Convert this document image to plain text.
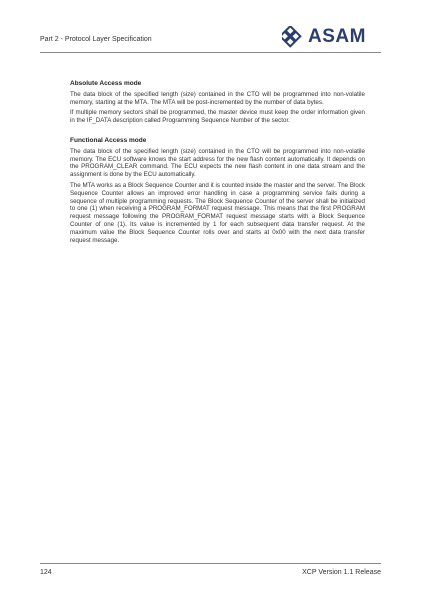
Part 2 - Protocol Layer Specification	ASAM
Absolute Access mode

The data block of the specified length (size) contained in the CTO will be programmed into non-volatile memory, starting at the MTA. The MTA will be post-incremented by the number of data bytes.

If multiple memory sectors shall be programmed, the master device must keep the order information given in the IF_DATA description called Programming Sequence Number of the sector.

Functional Access mode

The data block of the specified length (size) contained in the CTO will be programmed into non-volatile memory. The ECU software knows the start address for the new flash content automatically. It depends on the PROGRAM_CLEAR command. The ECU expects the new flash content in one data stream and the assignment is done by the ECU automatically.

The MTA works as a Block Sequence Counter and it is counted inside the master and the server. The Block Sequence Counter allows an improved error handling in case a programming service fails during a sequence of multiple programming requests. The Block Sequence Counter of the server shall be initialized to one (1) when receiving a PROGRAM_FORMAT request message. This means that the first PROGRAM request message following the PROGRAM_FORMAT request message starts with a Block Sequence Counter of one (1). Its value is incremented by 1 for each subsequent data transfer request. At the maximum value the Block Sequence Counter rolls over and starts at 0x00 with the next data transfer request message.

124	XCP Version 1.1 Release
